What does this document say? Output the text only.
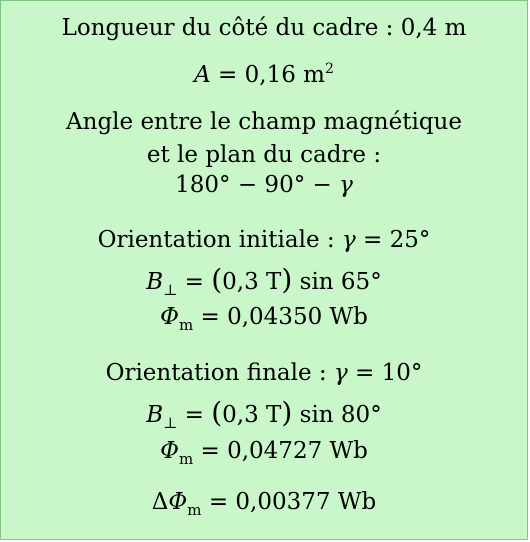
Longueur du côté du cadre : 0,4 m
A = 0,16 $m^2$
Angle entre le champ magnétique
et le plan du cadre :
180° − 90° − γ
Orientation initiale : γ = 25°
$B_\perp = (0,3$ T) sin 65°
$\Phi_m = 0,04350$ Wb
Orientation finale : γ = 10°
$B_\perp = (0,3$ T) sin 80°
$\Phi_m = 0,04727$ Wb
$\Delta\Phi_m = 0,00377$ Wb
